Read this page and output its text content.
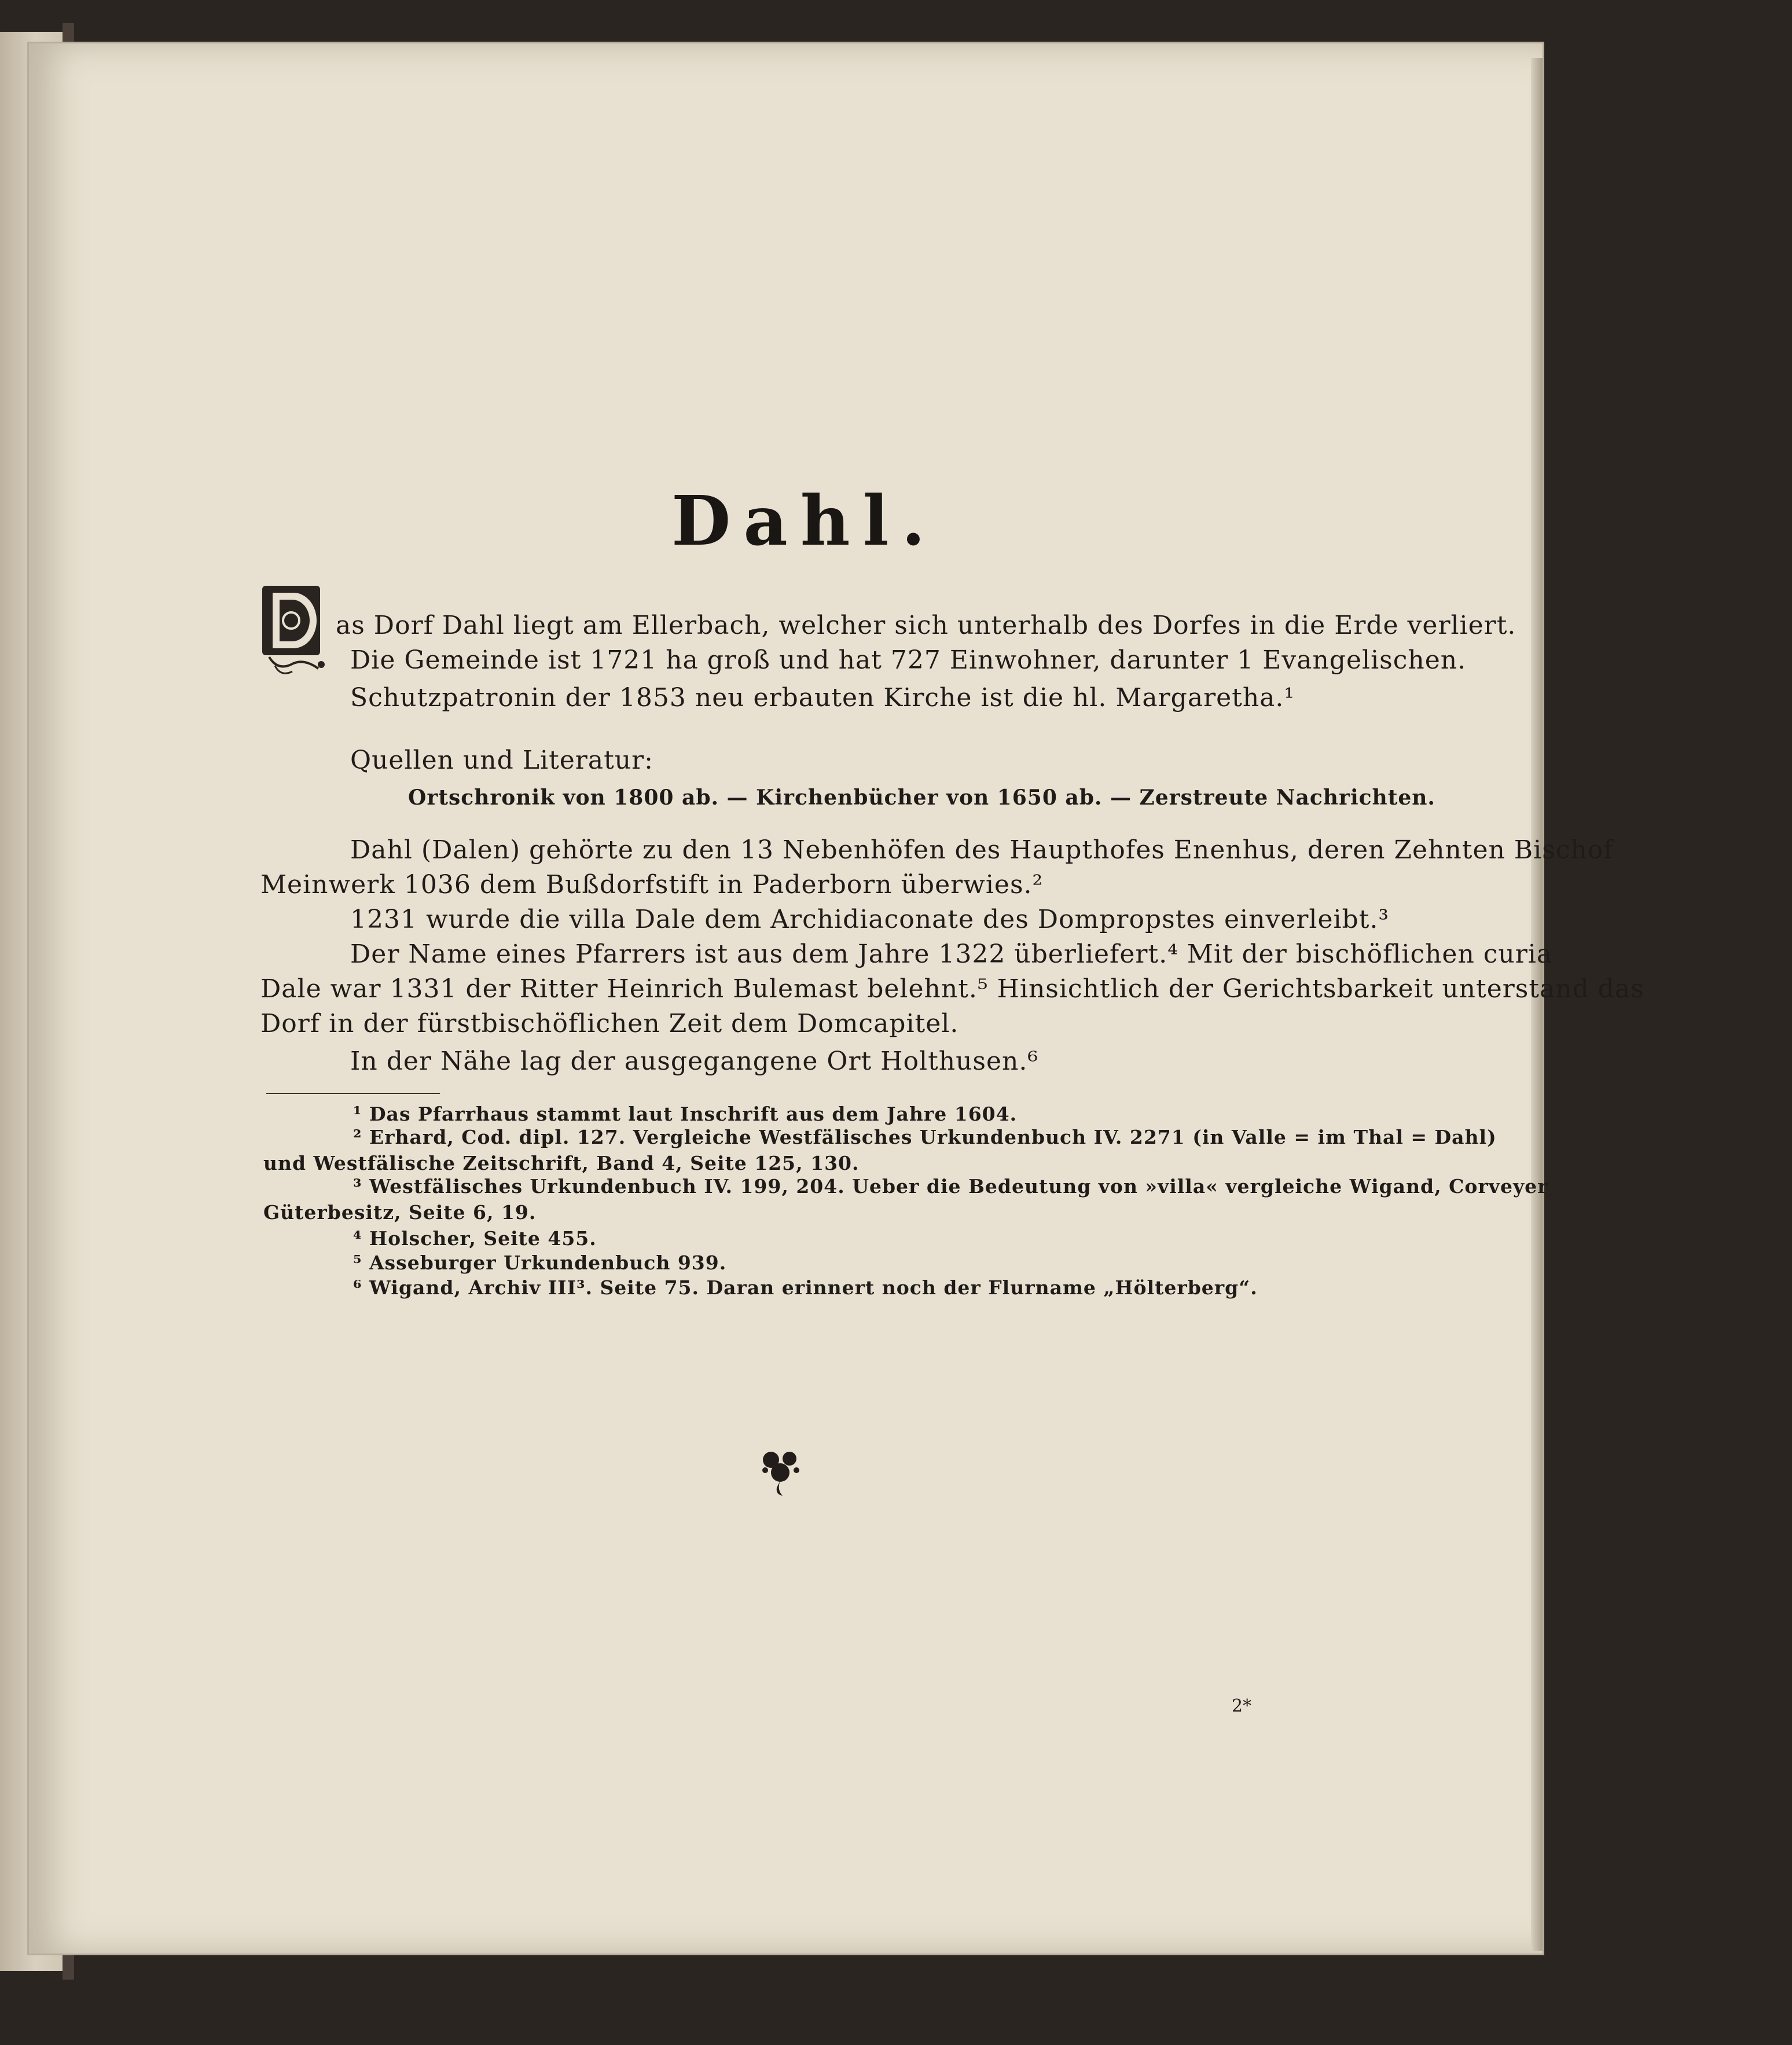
Dahl.
as Dorf Dahl liegt am Ellerbach, welcher sich unterhalb des Dorfes in die Erde verliert.
Die Gemeinde ist 1721 ha groß und hat 727 Einwohner, darunter 1 Evangelischen.
Schutzpatronin der 1853 neu erbauten Kirche ist die hl. Margaretha.¹
Quellen und Literatur:
Ortschronik von 1800 ab. — Kirchenbücher von 1650 ab. — Zerstreute Nachrichten.
Dahl (Dalen) gehörte zu den 13 Nebenhöfen des Haupthofes Enenhus, deren Zehnten Bischof
Meinwerk 1036 dem Bußdorfstift in Paderborn überwies.²
1231 wurde die villa Dale dem Archidiaconate des Dompropstes einverleibt.³
Der Name eines Pfarrers ist aus dem Jahre 1322 überliefert.⁴ Mit der bischöflichen curia
Dale war 1331 der Ritter Heinrich Bulemast belehnt.⁵ Hinsichtlich der Gerichtsbarkeit unterstand das
Dorf in der fürstbischöflichen Zeit dem Domcapitel.
In der Nähe lag der ausgegangene Ort Holthusen.⁶
¹ Das Pfarrhaus stammt laut Inschrift aus dem Jahre 1604.
² Erhard, Cod. dipl. 127. Vergleiche Westfälisches Urkundenbuch IV. 2271 (in Valle = im Thal = Dahl)
und Westfälische Zeitschrift, Band 4, Seite 125, 130.
³ Westfälisches Urkundenbuch IV. 199, 204. Ueber die Bedeutung von »villa« vergleiche Wigand, Corveyer
Güterbesitz, Seite 6, 19.
⁴ Holscher, Seite 455.
⁵ Asseburger Urkundenbuch 939.
⁶ Wigand, Archiv III³. Seite 75. Daran erinnert noch der Flurname „Hölterberg“.
2*
